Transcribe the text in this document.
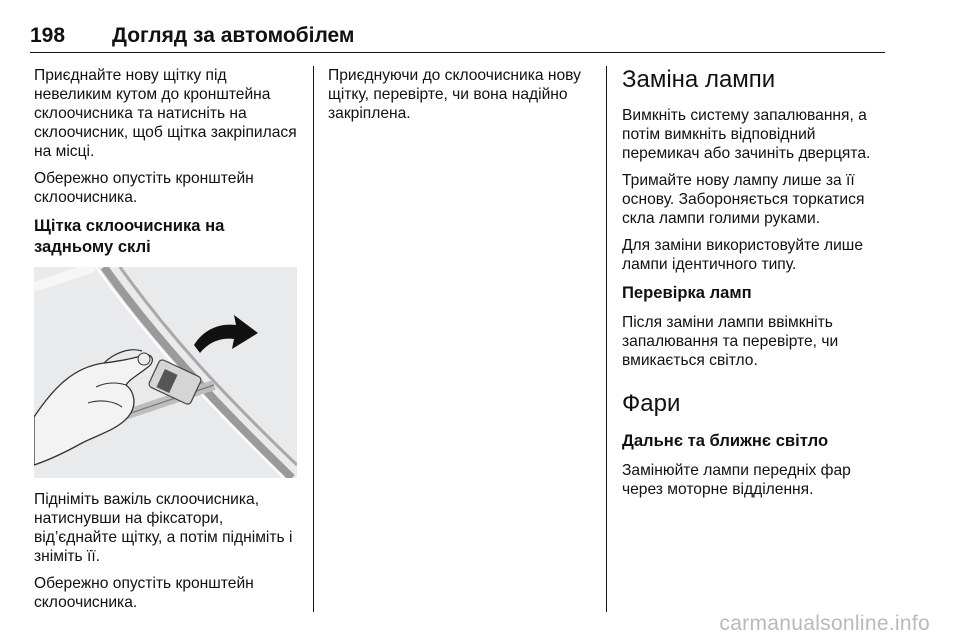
198 Догляд за автомобілем

Приєднайте нову щітку під невеликим кутом до кронштейна склоочисника та натисніть на склоочисник, щоб щітка закріпилася на місці.

Обережно опустіть кронштейн склоочисника.

Щітка склоочисника на задньому склі

Підніміть важіль склоочисника, натиснувши на фіксатори, від’єднайте щітку, а потім підніміть і зніміть її.

Обережно опустіть кронштейн склоочисника.

Приєднуючи до склоочисника нову щітку, перевірте, чи вона надійно закріплена.

Заміна лампи

Вимкніть систему запалювання, а потім вимкніть відповідний перемикач або зачиніть дверцята.

Тримайте нову лампу лише за її основу. Забороняється торкатися скла лампи голими руками.

Для заміни використовуйте лише лампи ідентичного типу.

Перевірка ламп

Після заміни лампи ввімкніть запалювання та перевірте, чи вмикається світло.

Фари
Дальнє та ближнє світло

Замінюйте лампи передніх фар через моторне відділення.

carmanualsonline.info
